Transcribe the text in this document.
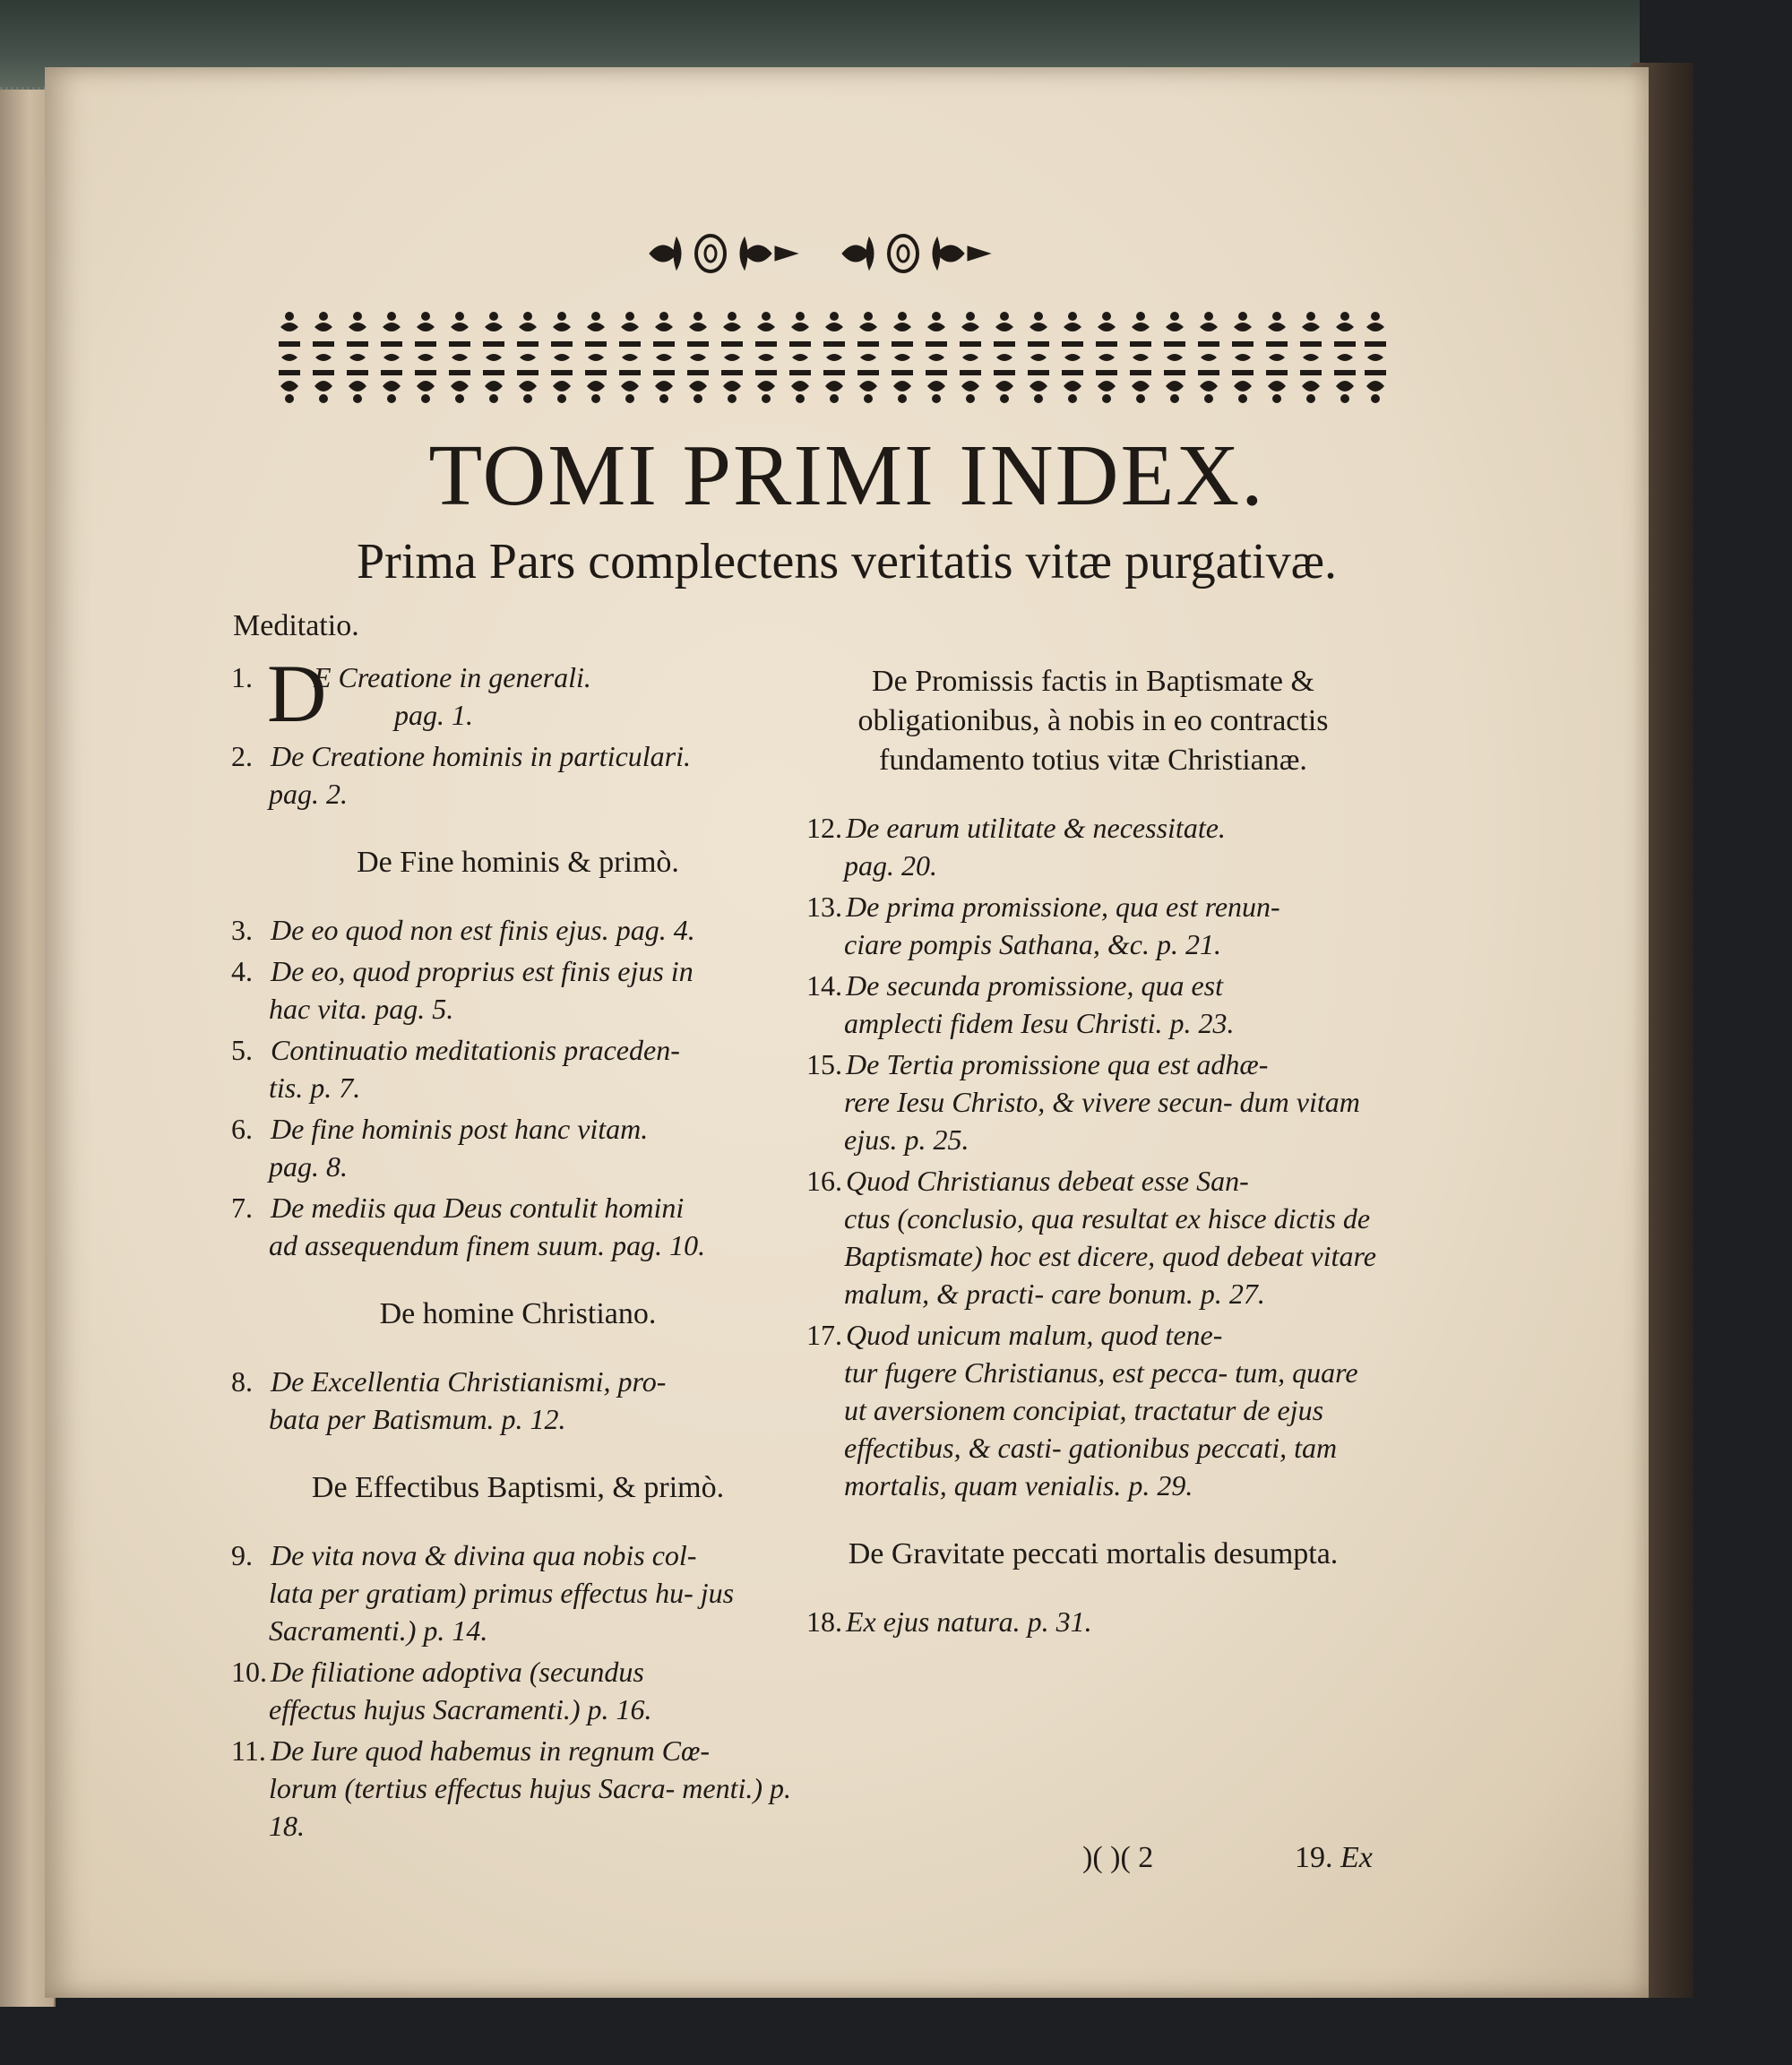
TOMI PRIMI INDEX.
Prima Pars complectens veritatis vitæ purgativæ.
Meditatio.
1. D
E Creatione in generali.
pag. 1.
2. De Creatione hominis in particulari.
pag. 2.
De Fine hominis & primò.
3. De eo quod non est finis ejus. pag. 4.
4. De eo, quod proprius est finis ejus in
hac vita. pag. 5.
5. Continuatio meditationis praceden-
tis. p. 7.
6. De fine hominis post hanc vitam.
pag. 8.
7. De mediis qua Deus contulit homini
ad assequendum finem suum. pag. 10.
De homine Christiano.
8. De Excellentia Christianismi, pro-
bata per Batismum. p. 12.
De Effectibus Baptismi, & primò.
9. De vita nova & divina qua nobis col-
lata per gratiam) primus effectus hu- jus Sacramenti.) p. 14.
10. De filiatione adoptiva (secundus
effectus hujus Sacramenti.) p. 16.
11. De Iure quod habemus in regnum Cœ-
lorum (tertius effectus hujus Sacra- menti.) p. 18.
De Promissis factis in Baptismate & obligationibus, à nobis in eo contractis fundamento totius vitæ Christianæ.
12. De earum utilitate & necessitate.
pag. 20.
13. De prima promissione, qua est renun-
ciare pompis Sathana, &c. p. 21.
14. De secunda promissione, qua est
amplecti fidem Iesu Christi. p. 23.
15. De Tertia promissione qua est adhæ-
rere Iesu Christo, & vivere secun- dum vitam ejus. p. 25.
16. Quod Christianus debeat esse San-
ctus (conclusio, qua resultat ex hisce dictis de Baptismate) hoc est dicere, quod debeat vitare malum, & practi- care bonum. p. 27.
17. Quod unicum malum, quod tene-
tur fugere Christianus, est pecca- tum, quare ut aversionem concipiat, tractatur de ejus effectibus, & casti- gationibus peccati, tam mortalis, quam venialis. p. 29.
De Gravitate peccati mortalis desumpta.
18. Ex ejus natura. p. 31.
)( )( 2	19. Ex
